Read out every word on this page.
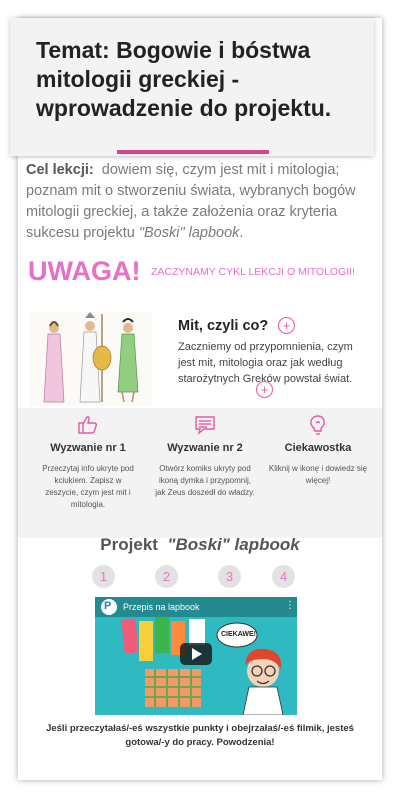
Temat: Bogowie i bóstwa mitologii greckiej - wprowadzenie do projektu.
Cel lekcji: dowiem się, czym jest mit i mitologia; poznam mit o stworzeniu świata, wybranych bogów mitologii greckiej, a także założenia oraz kryteria sukcesu projektu "Boski" lapbook.
UWAGA! ZACZYNAMY CYKL LEKCJI O MITOLOGII!
Mit, czyli co?	+
Zaczniemy od przypomnienia, czym jest mit, mitologia oraz jak według starożytnych Greków powstał świat.
+
Wyzwanie nr 1
Przeczytaj info ukryte pod kciukiem. Zapisz w zeszycie, czym jest mit i mitologia.
Wyzwanie nr 2
Otwórz komiks ukryty pod ikoną dymka i przypomnij, jak Zeus doszedł do władzy.
Ciekawostka
Kliknij w ikonę i dowiedz się więcej!
Projekt "Boski" lapbook
1	2	3	4
P Przepis na lapbook	⋮
CIEKAWE!
Jeśli przeczytałaś/-eś wszystkie punkty i obejrzałaś/-eś filmik, jesteś gotowa/-y do pracy. Powodzenia!
